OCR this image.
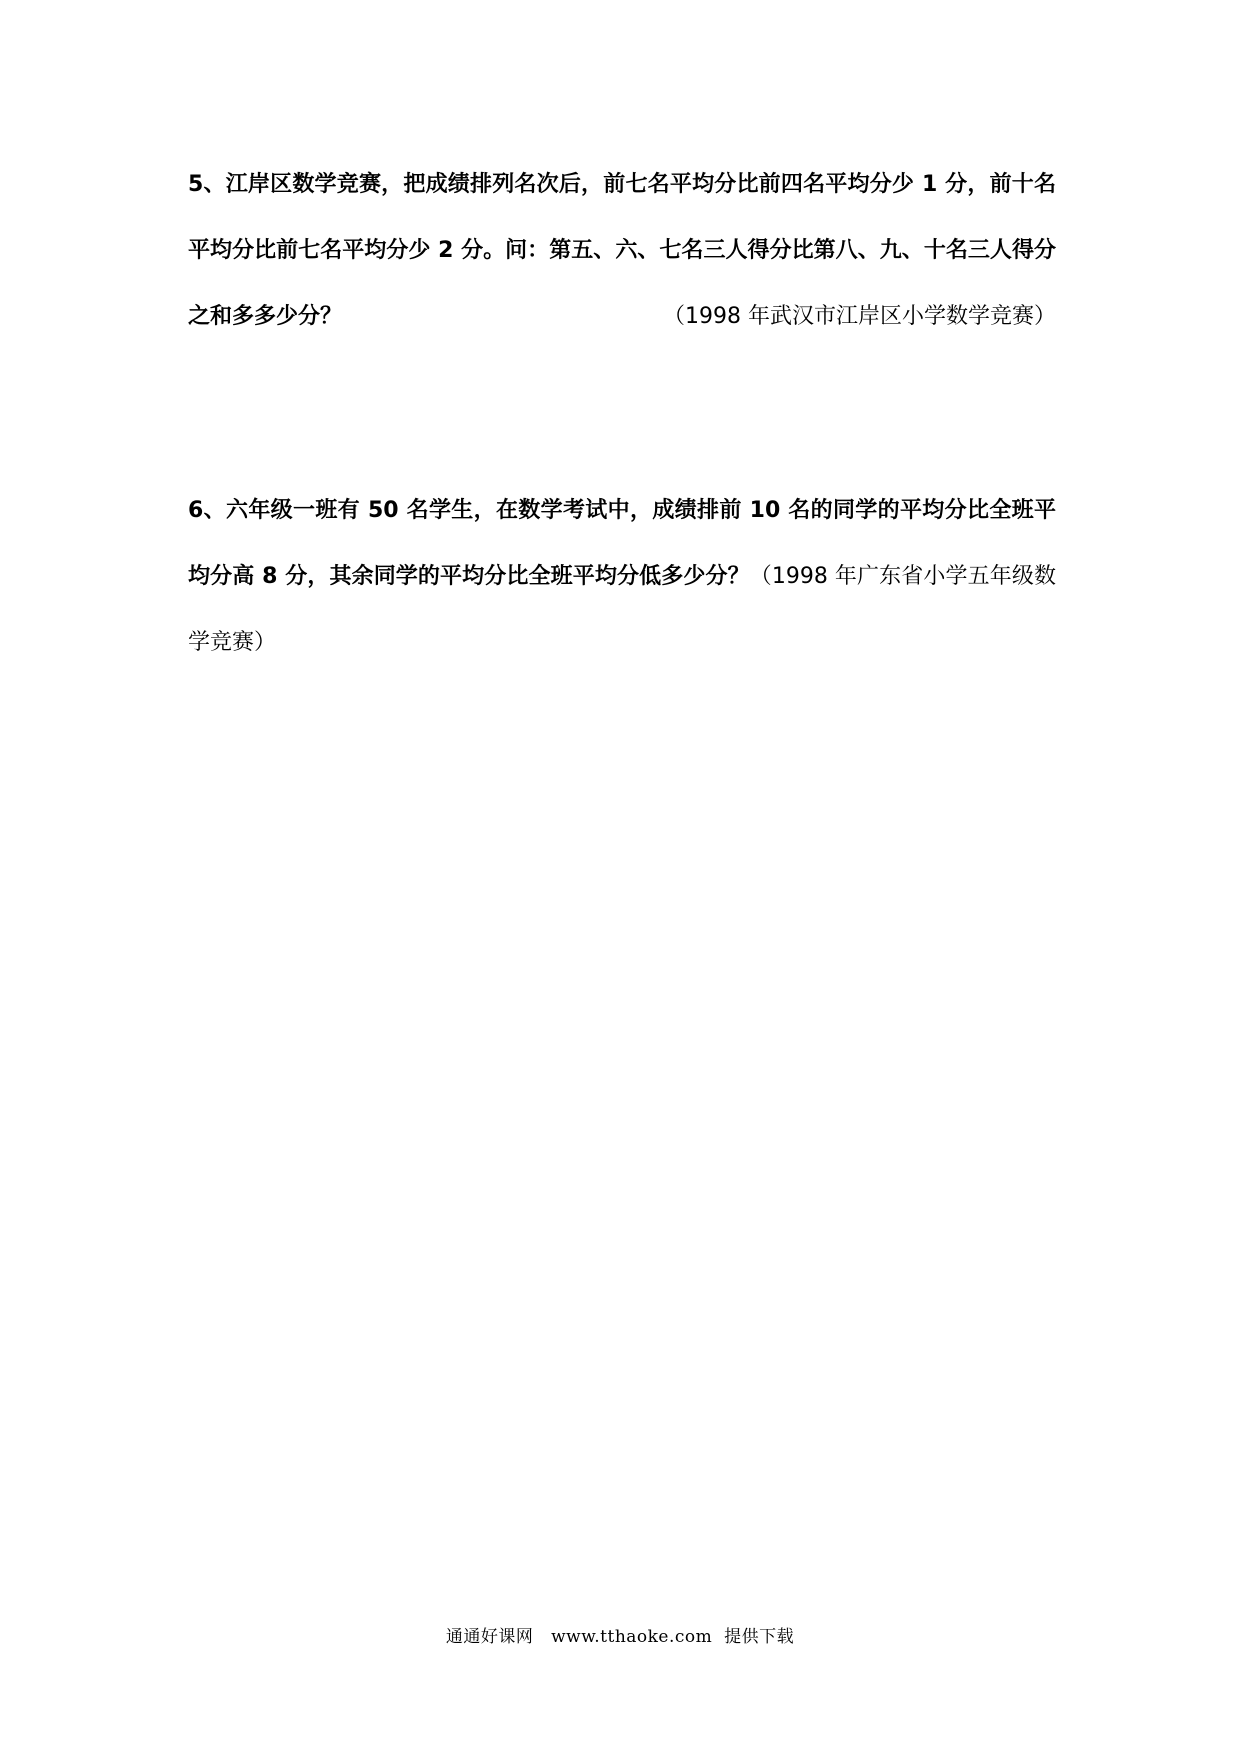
5、江岸区数学竞赛，把成绩排列名次后，前七名平均分比前四名平均分少 1 分，前十名平均分比前七名平均分少 2 分。问：第五、六、七名三人得分比第八、九、十名三人得分之和多多少分？	（1998 年武汉市江岸区小学数学竞赛）
6、六年级一班有 50 名学生，在数学考试中，成绩排前 10 名的同学的平均分比全班平均分高 8 分，其余同学的平均分比全班平均分低多少分？（1998 年广东省小学五年级数学竞赛）
通通好课网 www.tthaoke.com 提供下载
